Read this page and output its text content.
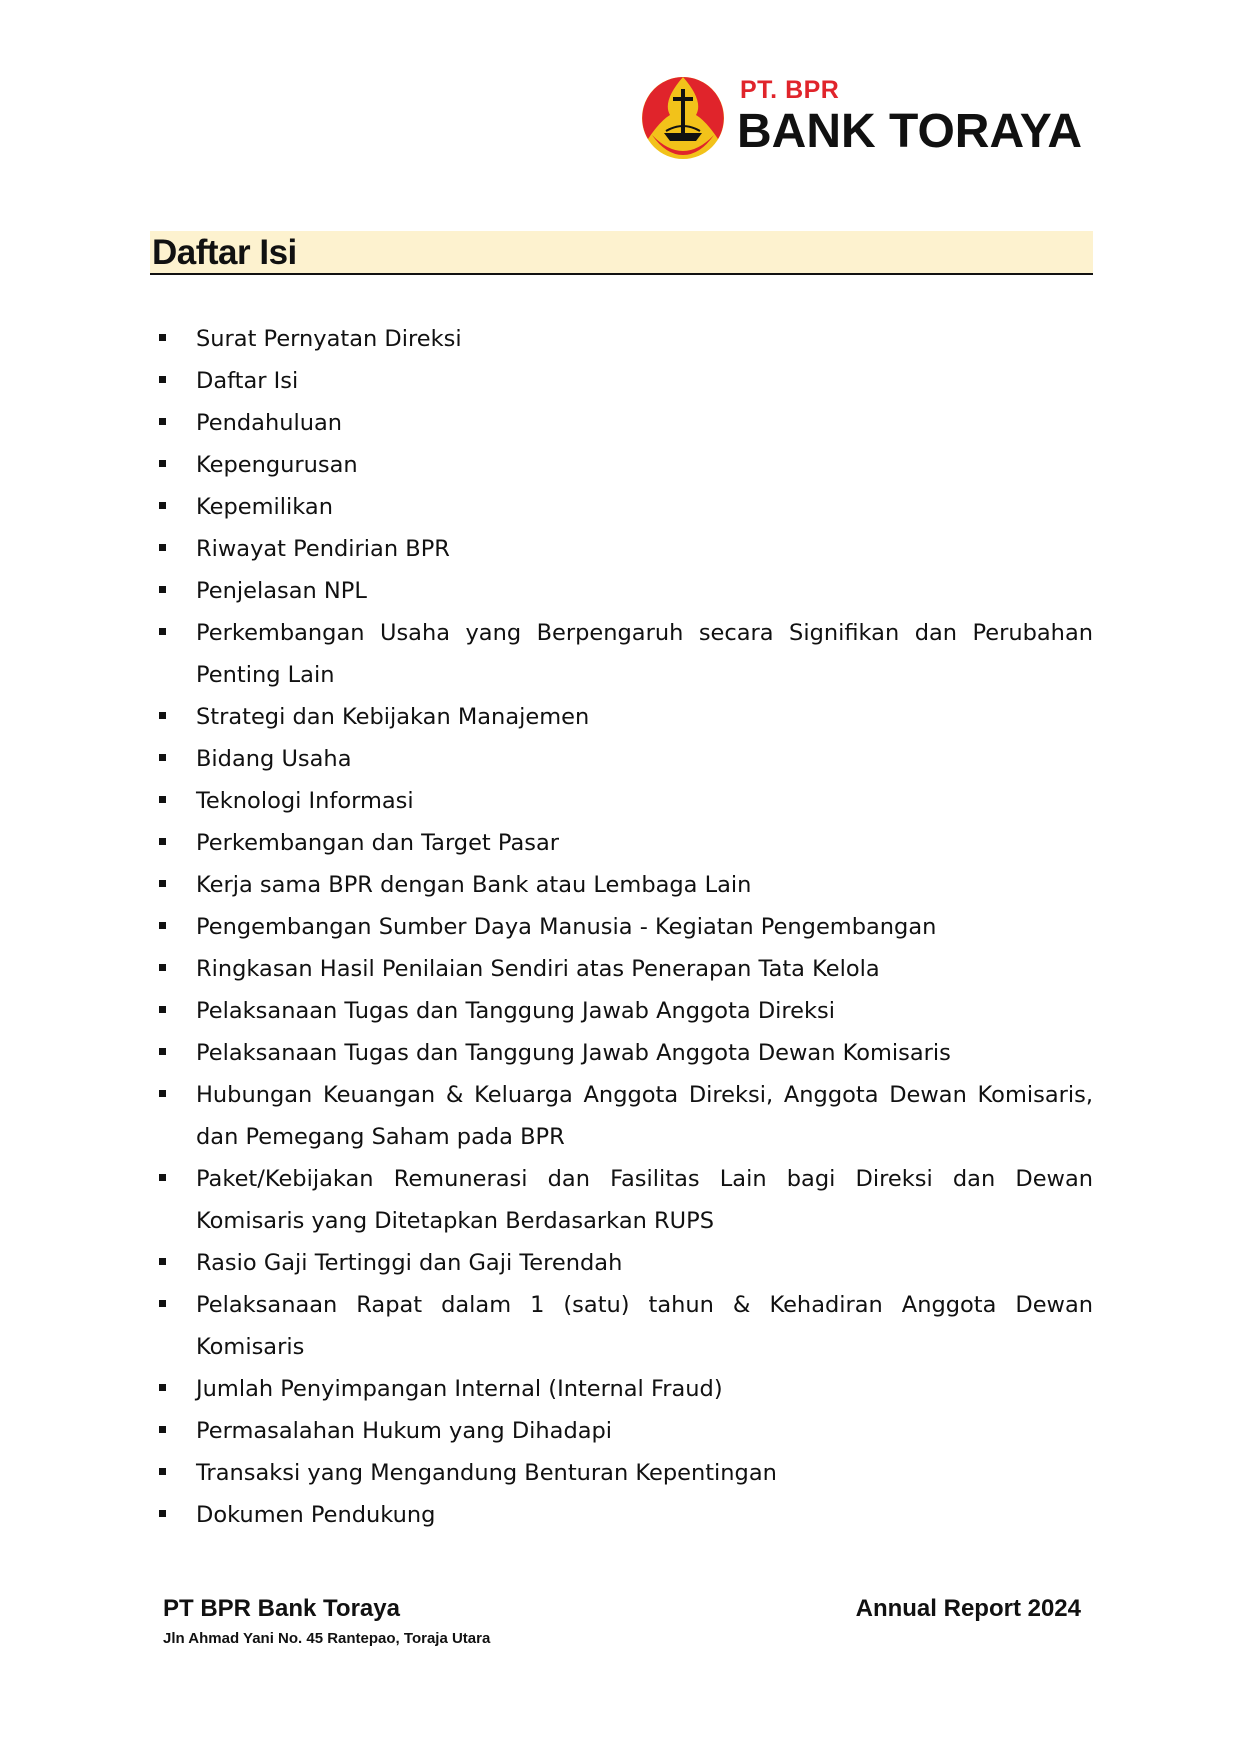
PT. BPR
BANK TORAYA
Daftar Isi
Surat Pernyatan Direksi
Daftar Isi
Pendahuluan
Kepengurusan
Kepemilikan
Riwayat Pendirian BPR
Penjelasan NPL
Perkembangan Usaha yang Berpengaruh secara Signifikan dan Perubahan Penting Lain
Strategi dan Kebijakan Manajemen
Bidang Usaha
Teknologi Informasi
Perkembangan dan Target Pasar
Kerja sama BPR dengan Bank atau Lembaga Lain
Pengembangan Sumber Daya Manusia - Kegiatan Pengembangan
Ringkasan Hasil Penilaian Sendiri atas Penerapan Tata Kelola
Pelaksanaan Tugas dan Tanggung Jawab Anggota Direksi
Pelaksanaan Tugas dan Tanggung Jawab Anggota Dewan Komisaris
Hubungan Keuangan & Keluarga Anggota Direksi, Anggota Dewan Komisaris, dan Pemegang Saham pada BPR
Paket/Kebijakan Remunerasi dan Fasilitas Lain bagi Direksi dan Dewan Komisaris yang Ditetapkan Berdasarkan RUPS
Rasio Gaji Tertinggi dan Gaji Terendah
Pelaksanaan Rapat dalam 1 (satu) tahun & Kehadiran Anggota Dewan Komisaris
Jumlah Penyimpangan Internal (Internal Fraud)
Permasalahan Hukum yang Dihadapi
Transaksi yang Mengandung Benturan Kepentingan
Dokumen Pendukung
PT BPR Bank Toraya
Jln Ahmad Yani No. 45 Rantepao, Toraja Utara
Annual Report 2024
